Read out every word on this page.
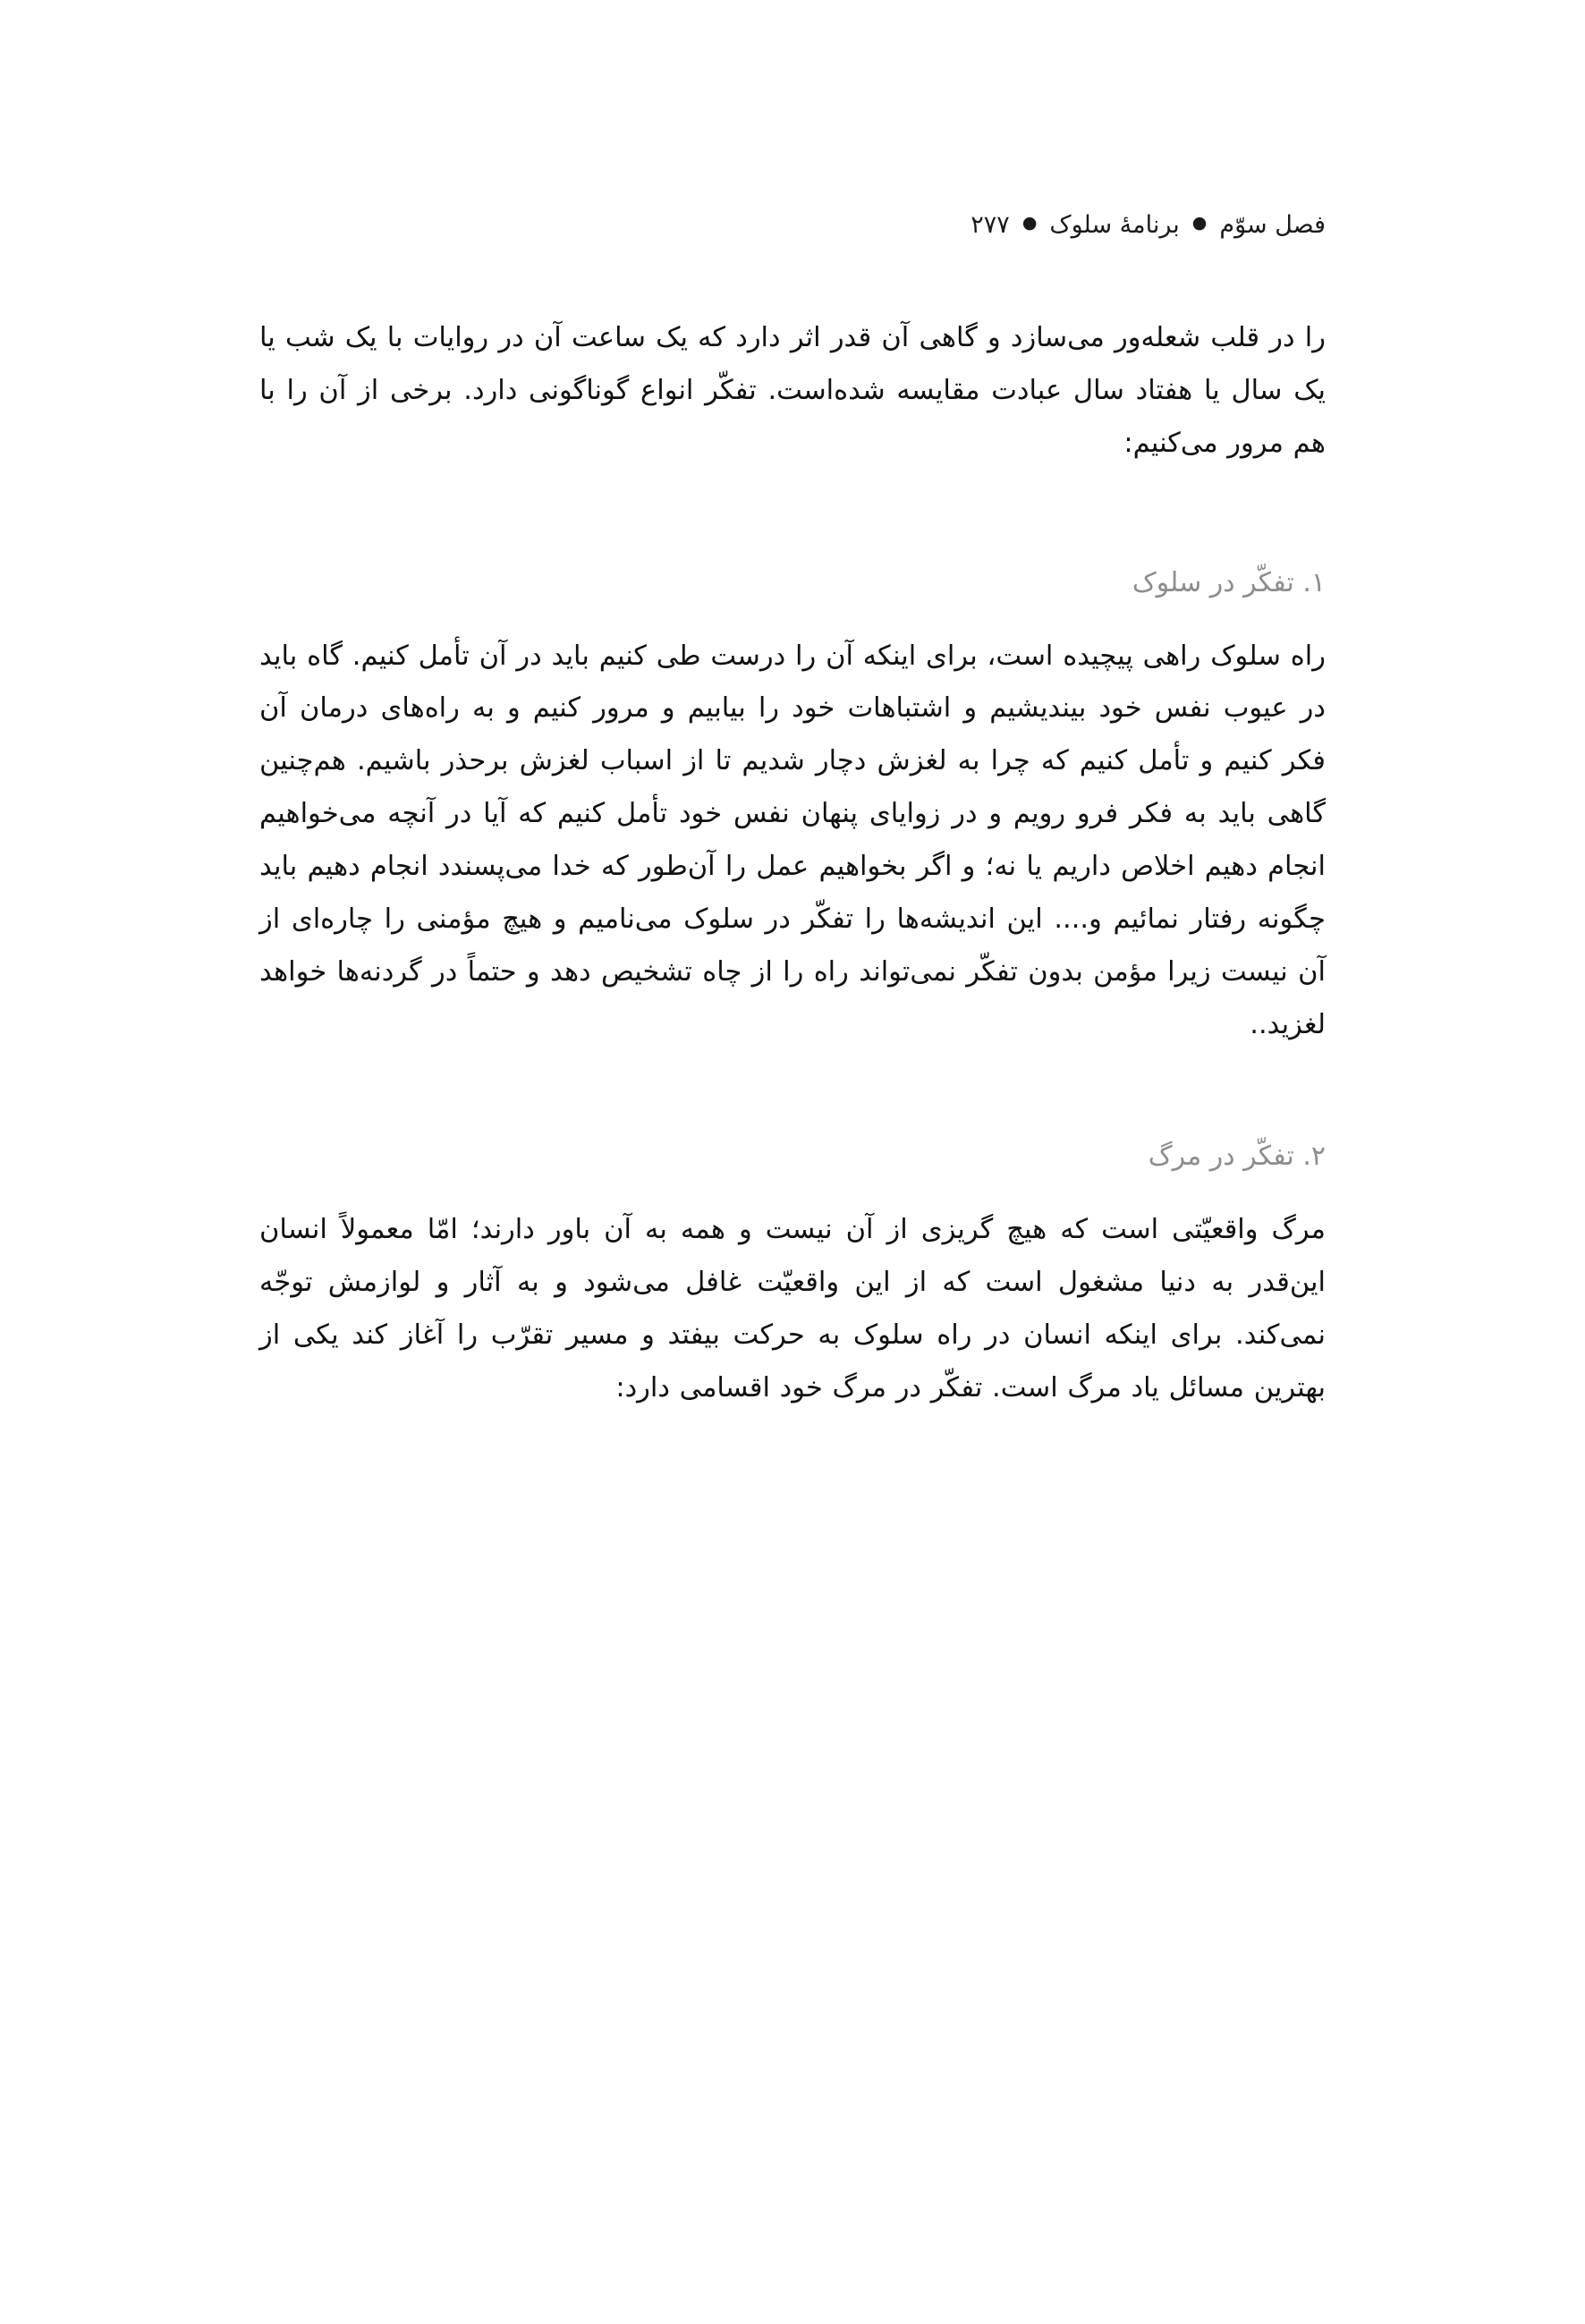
فصل سوّم
●
برنامهٔ سلوک
●
۲۷۷

را در قلب شعله‌ور می‌سازد و گاهی آن قدر اثر دارد که یک ساعت آن در روایات با یک شب یا یک سال یا هفتاد سال عبادت مقایسه شده‌است. تفکّر انواع گوناگونی دارد. برخی از آن را با هم مرور می‌کنیم:

۱. تفکّر در سلوک

راه سلوک راهی پیچیده است، برای اینکه آن را درست طی کنیم باید در آن تأمل کنیم. گاه باید در عیوب نفس خود بیندیشیم و اشتباهات خود را بیابیم و مرور کنیم و به راه‌های درمان آن فکر کنیم و تأمل کنیم که چرا به لغزش دچار شدیم تا از اسباب لغزش برحذر باشیم. هم‌چنین گاهی باید به فکر فرو رویم و در زوایای پنهان نفس خود تأمل کنیم که آیا در آنچه می‌خواهیم انجام دهیم اخلاص داریم یا نه؛ و اگر بخواهیم عمل را آن‌طور که خدا می‌پسندد انجام دهیم باید چگونه رفتار نمائیم و.... این اندیشه‌ها را تفکّر در سلوک می‌نامیم و هیچ مؤمنی را چاره‌ای از آن نیست زیرا مؤمن بدون تفکّر نمی‌تواند راه را از چاه تشخیص دهد و حتماً در گردنه‌ها خواهد لغزید..

۲. تفکّر در مرگ

مرگ واقعیّتی است که هیچ گریزی از آن نیست و همه به آن باور دارند؛ امّا معمولاً انسان این‌قدر به دنیا مشغول است که از این واقعیّت غافل می‌شود و به آثار و لوازمش توجّه نمی‌کند. برای اینکه انسان در راه سلوک به حرکت بیفتد و مسیر تقرّب را آغاز کند یکی از بهترین مسائل یاد مرگ است. تفکّر در مرگ خود اقسامی دارد:
